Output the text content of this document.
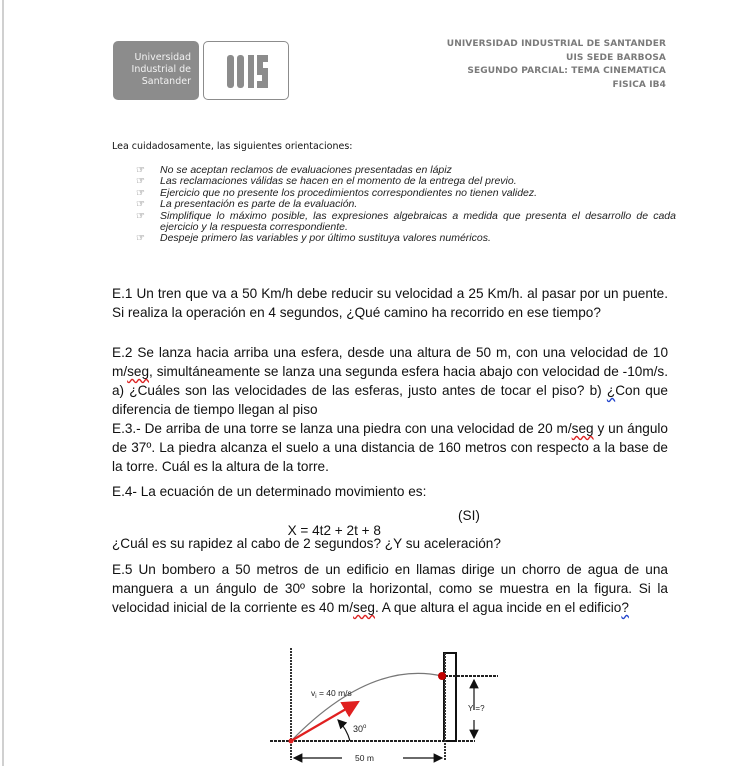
Universidad
Industrial de
Santander
UNIVERSIDAD INDUSTRIAL DE SANTANDER
UIS SEDE BARBOSA
SEGUNDO PARCIAL: TEMA CINEMATICA
FISICA IB4
Lea cuidadosamente, las siguientes orientaciones:
☞ No se aceptan reclamos de evaluaciones presentadas en lápiz
☞ Las reclamaciones válidas se hacen en el momento de la entrega del previo.
☞ Ejercicio que no presente los procedimientos correspondientes no tienen validez.
☞ La presentación es parte de la evaluación.
☞ Simplifique lo máximo posible, las expresiones algebraicas a medida que presenta el desarrollo de cada ejercicio y la respuesta correspondiente.
☞ Despeje primero las variables y por último sustituya valores numéricos.
E.1 Un tren que va a 50 Km/h debe reducir su velocidad a 25 Km/h. al pasar por un puente. Si realiza la operación en 4 segundos, ¿Qué camino ha recorrido en ese tiempo?
E.2 Se lanza hacia arriba una esfera, desde una altura de 50 m, con una velocidad de 10 m/seg, simultáneamente se lanza una segunda esfera hacia abajo con velocidad de -10m/s. a) ¿Cuáles son las velocidades de las esferas, justo antes de tocar el piso? b) ¿Con que diferencia de tiempo llegan al piso
E.3.- De arriba de una torre se lanza una piedra con una velocidad de 20 m/seg y un ángulo de 37º. La piedra alcanza el suelo a una distancia de 160 metros con respecto a la base de la torre. Cuál es la altura de la torre.
E.4- La ecuación de un determinado movimiento es:

X = 4t2 + 2t + 8

(SI)

¿Cuál es su rapidez al cabo de 2 segundos? ¿Y su aceleración?
E.5 Un bombero a 50 metros de un edificio en llamas dirige un chorro de agua de una manguera a un ángulo de 30º sobre la horizontal, como se muestra en la figura. Si la velocidad inicial de la corriente es 40 m/seg. A que altura el agua incide en el edificio?
$v_i = 40$ m/s
30$^o$
Y =?
50 m
